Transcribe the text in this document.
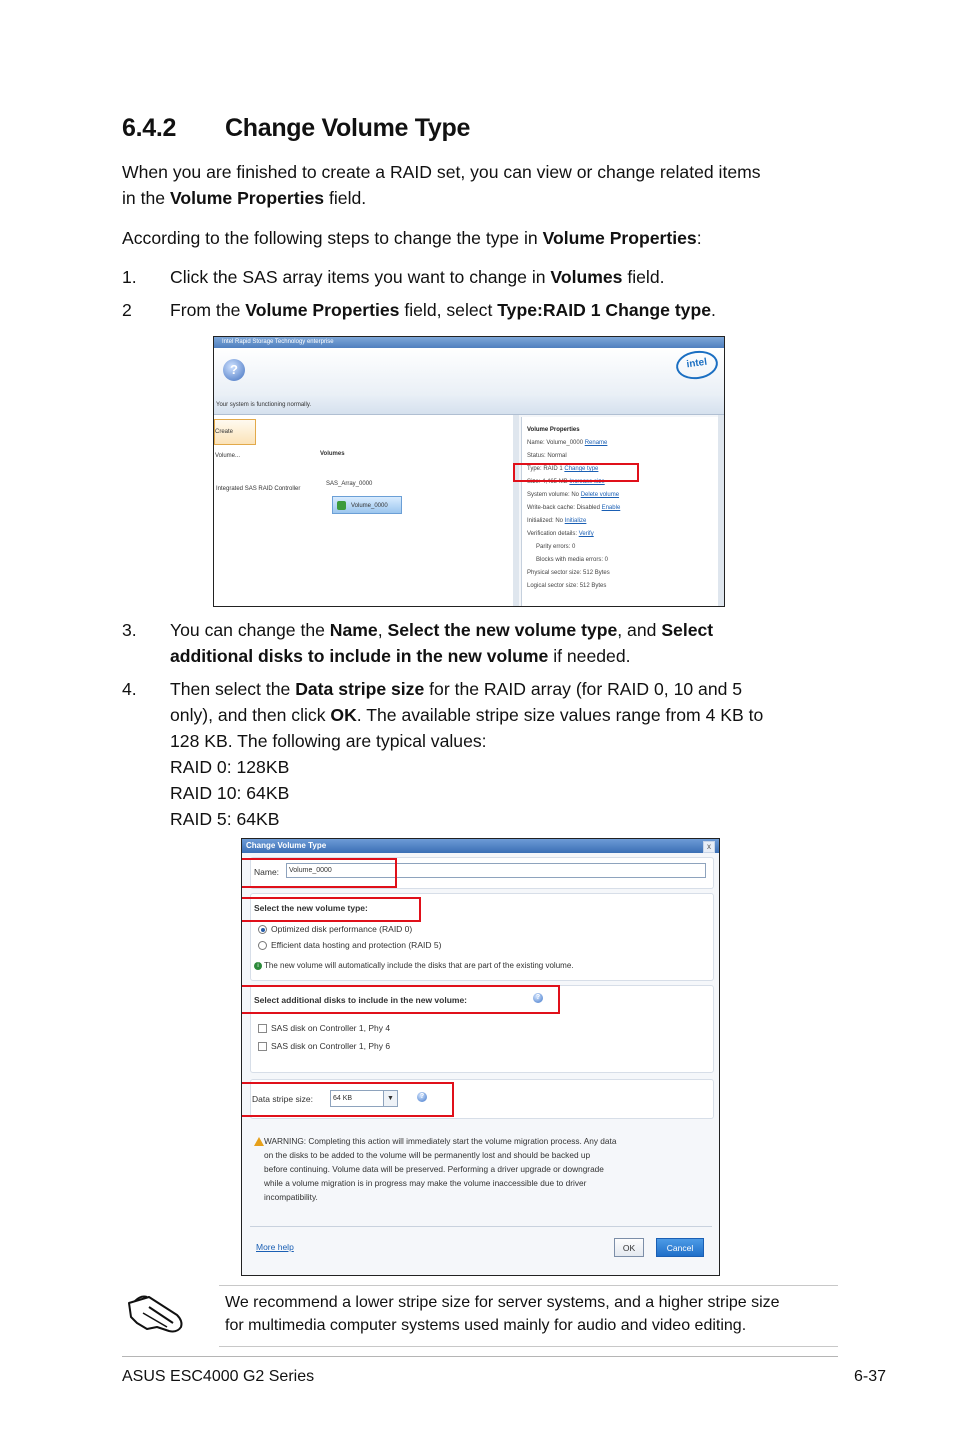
6.4.2 Change Volume Type
When you are finished to create a RAID set, you can view or change related items
in the Volume Properties field.
According to the following steps to change the type in Volume Properties:
1. Click the SAS array items you want to change in Volumes field.
2 From the Volume Properties field, select Type:RAID 1 Change type.
Intel Rapid Storage Technology enterprise
?	intel
Your system is functioning normally.
Create Volume...	Volumes
Integrated SAS RAID Controller
SAS_Array_0000
Volume_0000
Volume Properties
Name: Volume_0000 Rename
Status: Normal
Type: RAID 1 Change type
Size: 4,465 MB Increase size
System volume: No Delete volume
Write-back cache: Disabled Enable
Initialized: No Initialize
Verification details: Verify
Parity errors: 0
Blocks with media errors: 0
Physical sector size: 512 Bytes
Logical sector size: 512 Bytes
3. You can change the Name, Select the new volume type, and Select
additional disks to include in the new volume if needed.
4. Then select the Data stripe size for the RAID array (for RAID 0, 10 and 5
only), and then click OK. The available stripe size values range from 4 KB to
128 KB. The following are typical values:
RAID 0: 128KB
RAID 10: 64KB
RAID 5: 64KB
Change Volume Type	x
Name:	Volume_0000
Select the new volume type:
Optimized disk performance (RAID 0)
Efficient data hosting and protection (RAID 5)
i The new volume will automatically include the disks that are part of the existing volume.
Select additional disks to include in the new volume:	?
SAS disk on Controller 1, Phy 4
SAS disk on Controller 1, Phy 6
Data stripe size:	64 KB	▼	?
WARNING: Completing this action will immediately start the volume migration process. Any data
on the disks to be added to the volume will be permanently lost and should be backed up
before continuing. Volume data will be preserved. Performing a driver upgrade or downgrade
while a volume migration is in progress may make the volume inaccessible due to driver
incompatibility.
More help	OK	Cancel
We recommend a lower stripe size for server systems, and a higher stripe size
for multimedia computer systems used mainly for audio and video editing.
ASUS ESC4000 G2 Series	6-37
